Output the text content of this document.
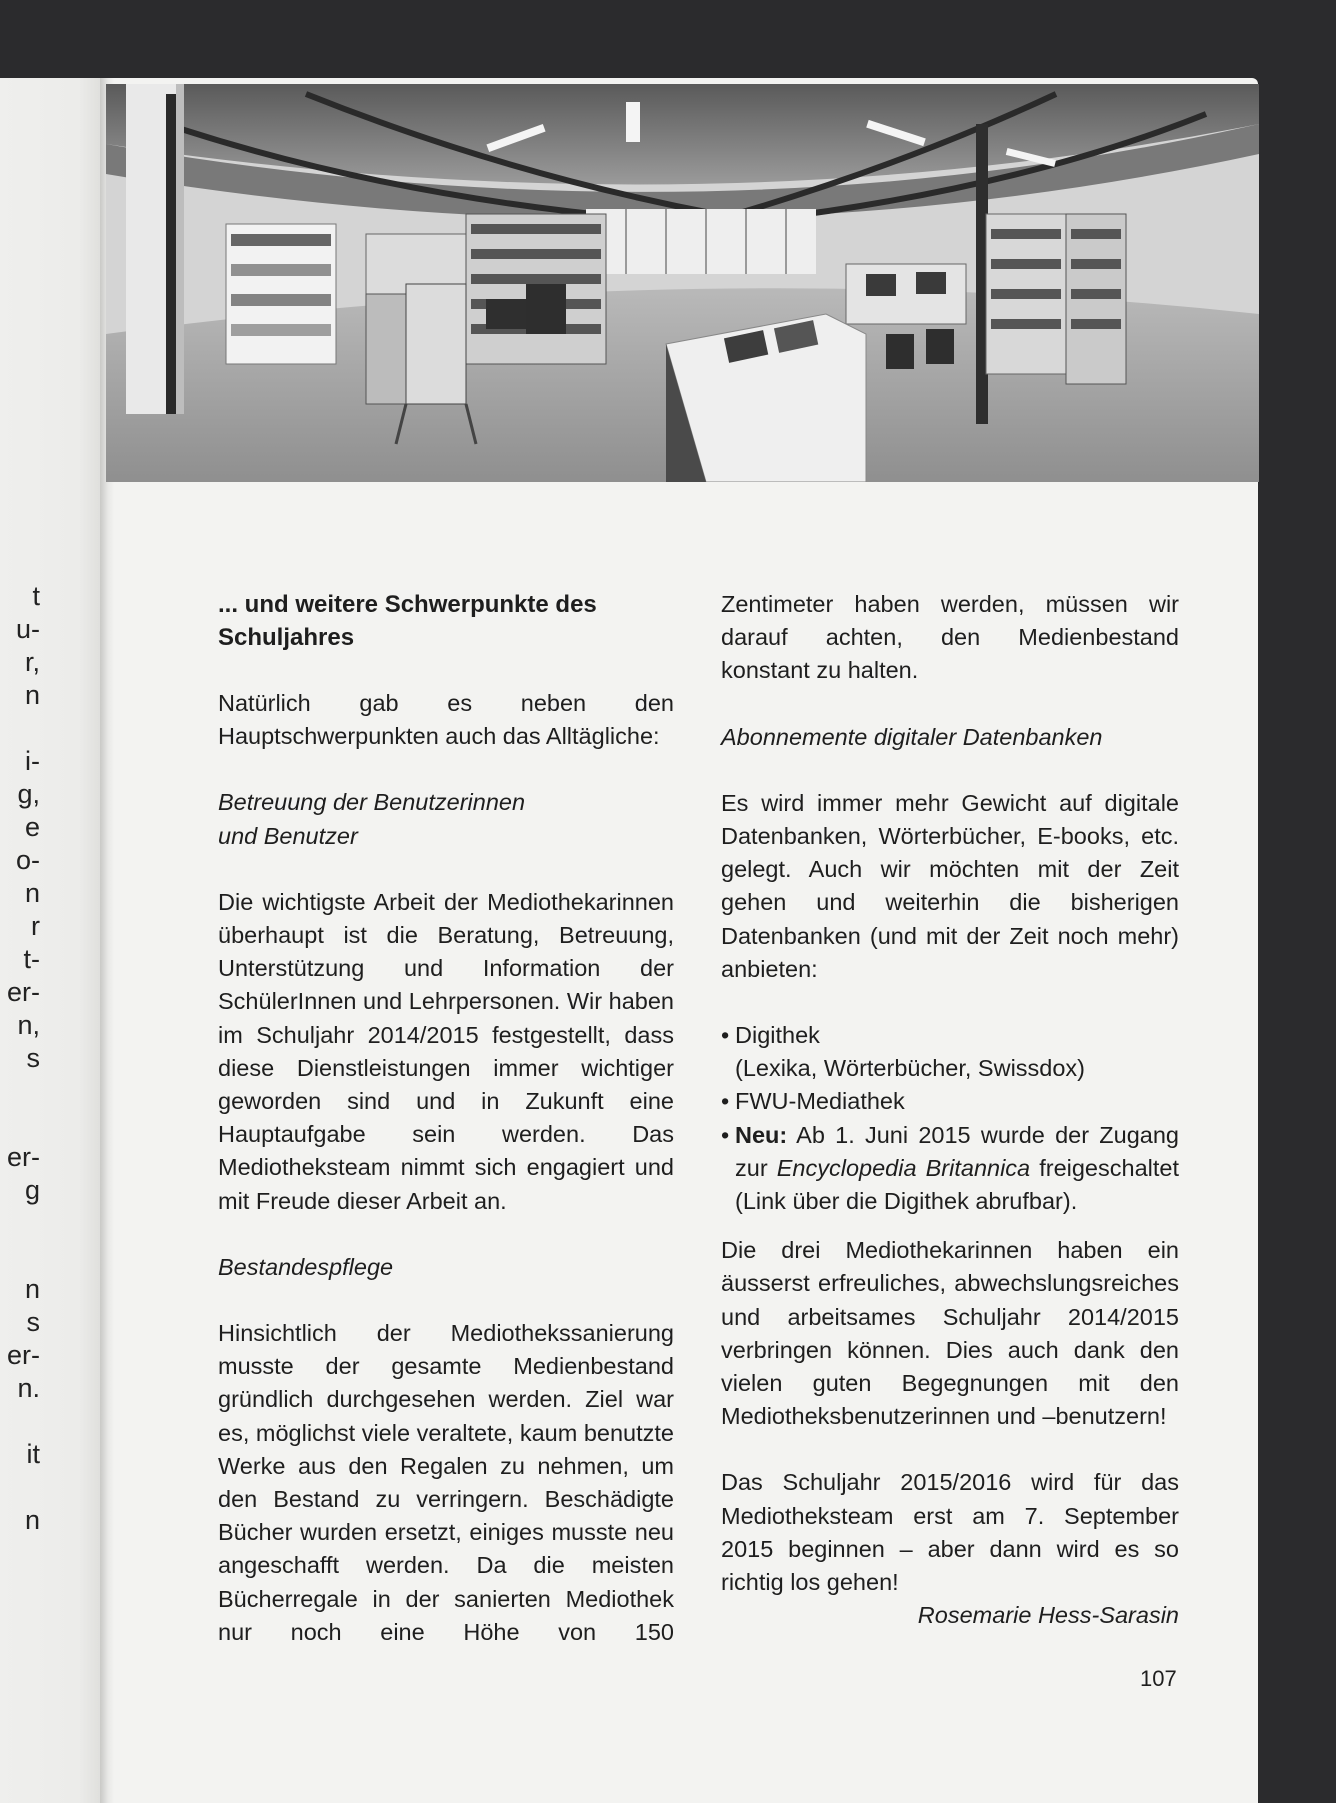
t
u-
r,
n
i-
g,
e
o-
n
r
t-
er-
n,
s
er-
g
n
s
er-
n.
it
n

... und weitere Schwerpunkte des
Schuljahres

Natürlich gab es neben den Hauptschwerpunkten auch das Alltägliche:

Betreuung der Benutzerinnen
und Benutzer

Die wichtigste Arbeit der Mediothekarinnen überhaupt ist die Beratung, Betreuung, Unterstützung und Information der SchülerInnen und Lehrpersonen. Wir haben im Schuljahr 2014/2015 festgestellt, dass diese Dienstleistungen immer wichtiger geworden sind und in Zukunft eine Hauptaufgabe sein werden. Das Mediotheksteam nimmt sich engagiert und mit Freude dieser Arbeit an.

Bestandespflege

Hinsichtlich der Mediothekssanierung musste der gesamte Medienbestand gründlich durchgesehen werden. Ziel war es, möglichst viele veraltete, kaum benutzte Werke aus den Regalen zu nehmen, um den Bestand zu verringern. Beschädigte Bücher wurden ersetzt, einiges musste neu angeschafft werden. Da die meisten Bücherregale in der sanierten Mediothek nur noch eine Höhe von 150

Zentimeter haben werden, müssen wir darauf achten, den Medienbestand konstant zu halten.

Abonnemente digitaler Datenbanken

Es wird immer mehr Gewicht auf digitale Datenbanken, Wörterbücher, E-books, etc. gelegt. Auch wir möchten mit der Zeit gehen und weiterhin die bisherigen Datenbanken (und mit der Zeit noch mehr) anbieten:

• Digithek
(Lexika, Wörterbücher, Swissdox)
• FWU-Mediathek
• Neu: Ab 1. Juni 2015 wurde der Zugang zur Encyclopedia Britannica freigeschaltet (Link über die Digithek abrufbar).

Die drei Mediothekarinnen haben ein äusserst erfreuliches, abwechslungsreiches und arbeitsames Schuljahr 2014/2015 verbringen können. Dies auch dank den vielen guten Begegnungen mit den Mediotheksbenutzerinnen und –benutzern!

Das Schuljahr 2015/2016 wird für das Mediotheksteam erst am 7. September 2015 beginnen – aber dann wird es so richtig los gehen!

Rosemarie Hess-Sarasin

107
